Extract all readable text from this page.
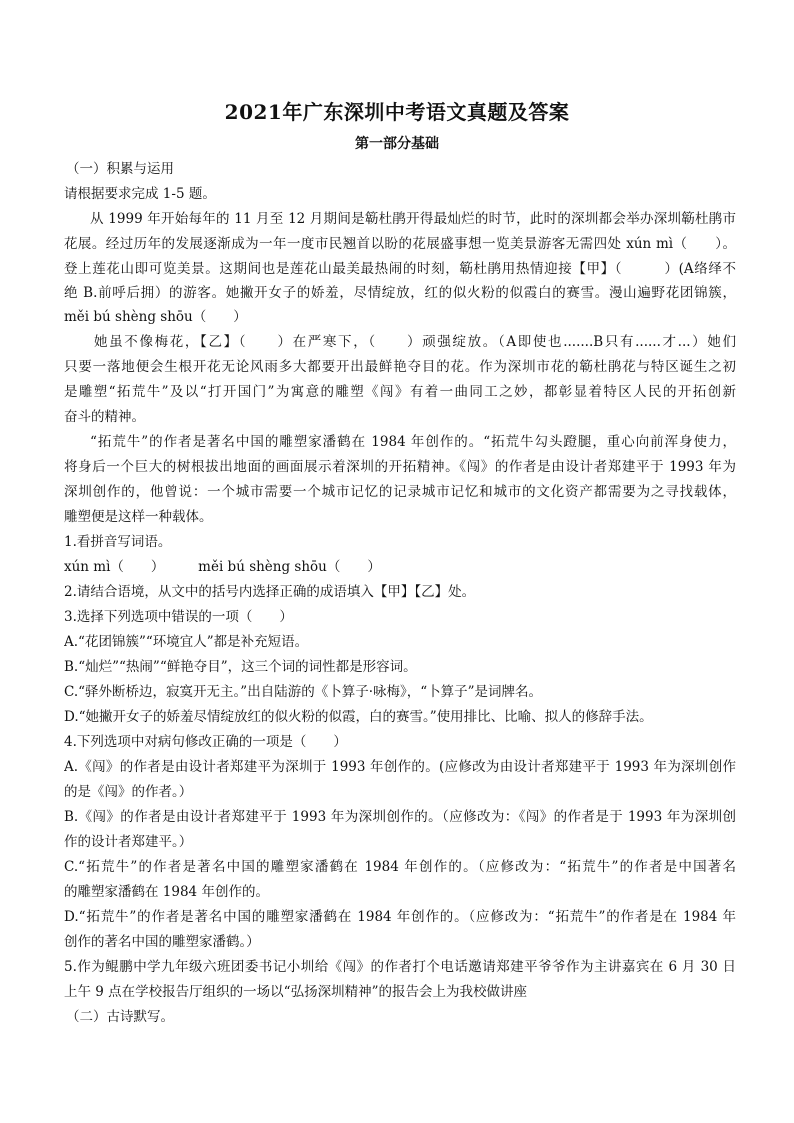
2021年广东深圳中考语文真题及答案
第一部分基础
（一）积累与运用
请根据要求完成 1-5 题。
从 1999 年开始每年的 11 月至 12 月期间是簕杜鹃开得最灿烂的时节，此时的深圳都会举办深圳簕杜鹃市
花展。经过历年的发展逐渐成为一年一度市民翘首以盼的花展盛事想一览美景游客无需四处 xún mì（　　）。
登上莲花山即可览美景。这期间也是莲花山最美最热闹的时刻，簕杜鹃用热情迎接【甲】（　　　）(A络绎不
绝 B.前呼后拥）的游客。她撇开女子的娇羞，尽情绽放，红的似火粉的似霞白的赛雪。漫山遍野花团锦簇，
měi bú shèng shōu（　　）
她虽不像梅花，【乙】（　　）在严寒下，（　　）顽强绽放。（A即使也.......B只有......才...）她们
只要一落地便会生根开花无论风雨多大都要开出最鲜艳夺目的花。作为深圳市花的簕杜鹃花与特区诞生之初
是雕塑“拓荒牛”及以“打开国门”为寓意的雕塑《闯》有着一曲同工之妙，都彰显着特区人民的开拓创新
奋斗的精神。
“拓荒牛”的作者是著名中国的雕塑家潘鹤在 1984 年创作的。“拓荒牛勾头蹬腿，重心向前浑身使力，
将身后一个巨大的树根拔出地面的画面展示着深圳的开拓精神。《闯》的作者是由设计者郑建平于 1993 年为
深圳创作的，他曾说：一个城市需要一个城市记忆的记录城市记忆和城市的文化资产都需要为之寻找载体，
雕塑便是这样一种载体。
1.看拼音写词语。
xún mì（　　）　　　měi bú shèng shōu（　　）
2.请结合语境，从文中的括号内选择正确的成语填入【甲】【乙】处。
3.选择下列选项中错误的一项（　　）
A.“花团锦簇”“环境宜人”都是补充短语。
B.“灿烂”“热闹”“鲜艳夺目”，这三个词的词性都是形容词。
C.“驿外断桥边，寂寞开无主。”出自陆游的《卜算子·咏梅》，“卜算子”是词牌名。
D.“她撇开女子的娇羞尽情绽放红的似火粉的似霞，白的赛雪。”使用排比、比喻、拟人的修辞手法。
4.下列选项中对病句修改正确的一项是（　　）
A.《闯》的作者是由设计者郑建平为深圳于 1993 年创作的。(应修改为由设计者郑建平于 1993 年为深圳创作
的是《闯》的作者。）
B.《闯》的作者是由设计者郑建平于 1993 年为深圳创作的。（应修改为：《闯》的作者是于 1993 年为深圳创
作的设计者郑建平。）
C.“拓荒牛”的作者是著名中国的雕塑家潘鹤在 1984 年创作的。（应修改为：“拓荒牛”的作者是中国著名
的雕塑家潘鹤在 1984 年创作的。
D.“拓荒牛”的作者是著名中国的雕塑家潘鹤在 1984 年创作的。（应修改为：“拓荒牛”的作者是在 1984 年
创作的著名中国的雕塑家潘鹤。）
5.作为鲲鹏中学九年级六班团委书记小圳给《闯》的作者打个电话邀请郑建平爷爷作为主讲嘉宾在 6 月 30 日
上午 9 点在学校报告厅组织的一场以“弘扬深圳精神”的报告会上为我校做讲座
（二）古诗默写。
